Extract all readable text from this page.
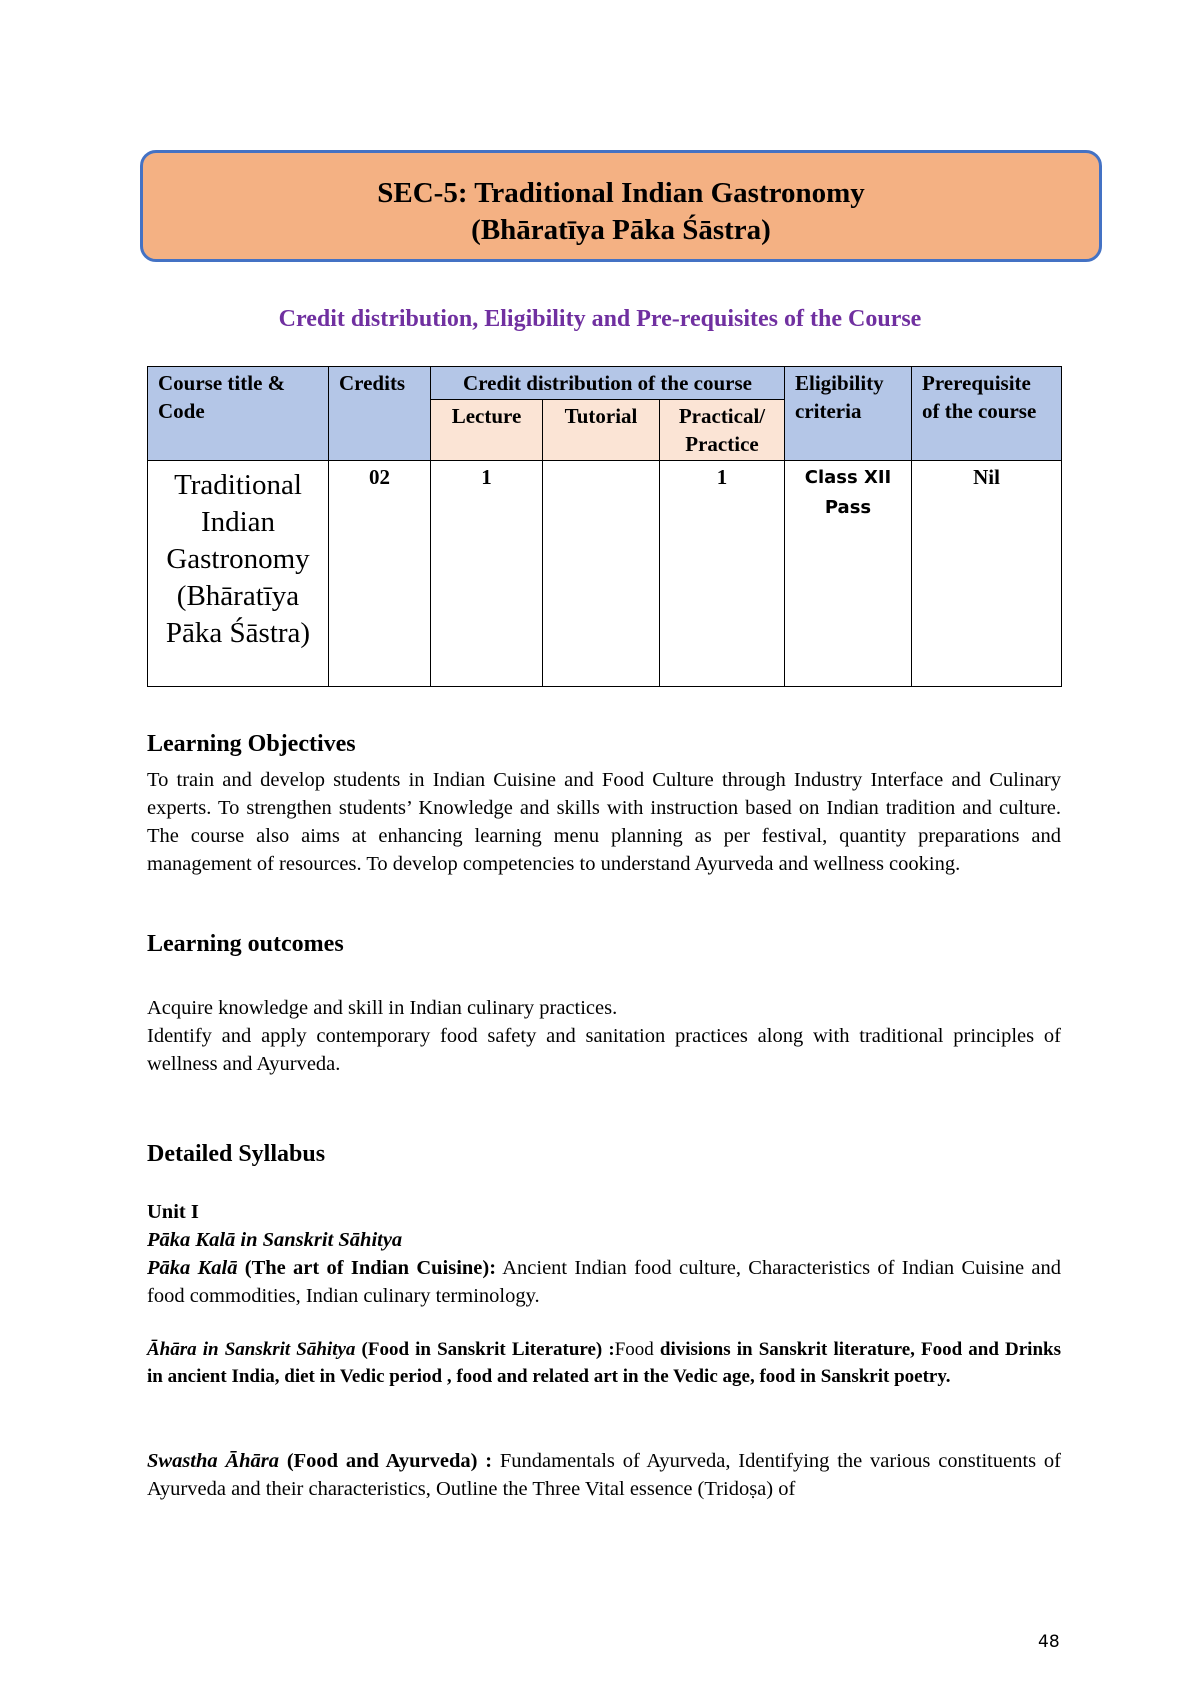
SEC-5: Traditional Indian Gastronomy
(Bhāratīya Pāka Śāstra)
Credit distribution, Eligibility and Pre-requisites of the Course
Course title & Code	Credits	Credit distribution of the course			Eligibility criteria	Prerequisite of the course
		Lecture	Tutorial	Practical/ Practice		
Traditional Indian Gastronomy (Bhāratīya Pāka Śāstra)	02	1		1	Class XII Pass	Nil
Learning Objectives
To train and develop students in Indian Cuisine and Food Culture through Industry Interface and Culinary experts. To strengthen students’ Knowledge and skills with instruction based on Indian tradition and culture. The course also aims at enhancing learning menu planning as per festival, quantity preparations and management of resources. To develop competencies to understand Ayurveda and wellness cooking.
Learning outcomes

Acquire knowledge and skill in Indian culinary practices.

Identify and apply contemporary food safety and sanitation practices along with traditional principles of wellness and Ayurveda.

Detailed Syllabus
Unit I
Pāka Kalā in Sanskrit Sāhitya
Pāka Kalā (The art of Indian Cuisine): Ancient Indian food culture, Characteristics of Indian Cuisine and food commodities, Indian culinary terminology.
Āhāra in Sanskrit Sāhitya (Food in Sanskrit Literature) :Food divisions in Sanskrit literature, Food and Drinks in ancient India, diet in Vedic period , food and related art in the Vedic age, food in Sanskrit poetry.
Swastha Āhāra (Food and Ayurveda) : Fundamentals of Ayurveda, Identifying the various constituents of Ayurveda and their characteristics, Outline the Three Vital essence (Tridoṣa) of
48
